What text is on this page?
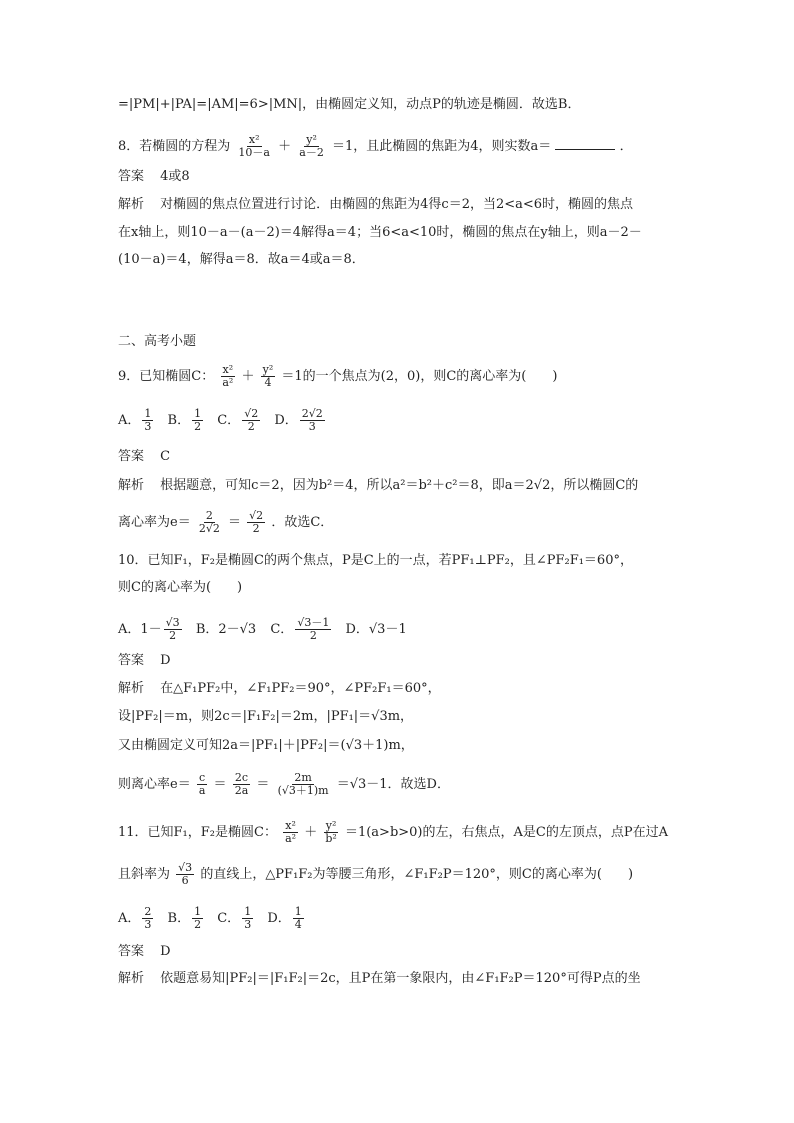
=|PM|+|PA|=|AM|=6>|MN|，由椭圆定义知，动点P的轨迹是椭圆．故选B．
8．若椭圆的方程为 $\frac{\text{x²}}{10-a} + \frac{\text{y²}}{a-2} =1$，且此椭圆的焦距为4，则实数a＝	．
答案 4或8
解析 对椭圆的焦点位置进行讨论．由椭圆的焦距为4得c＝2，当2<a<6时，椭圆的焦点
在x轴上，则10－a－(a－2)＝4解得a＝4；当6<a<10时，椭圆的焦点在y轴上，则a－2－
(10－a)＝4，解得a＝8．故a＝4或a＝8．
二、高考小题
9．已知椭圆C： $\frac{\text{x²}}{\text{a²}} + \frac{\text{y²}}{4} =1$的一个焦点为(2，0)，则C的离心率为(　　)
A． $\frac{1}{3}$ B． $\frac{1}{2}$ C． $\frac{√2}{2}$ D． $\frac{2√2}{3}$
答案 C
解析 根据题意，可知c＝2，因为b²＝4，所以a²＝b²＋c²＝8，即a＝2√2，所以椭圆C的
离心率为$e= \frac{2}{2√2} = \frac{√2}{2}$ ．故选C．
10．已知F₁，F₂是椭圆C的两个焦点，P是C上的一点，若PF₁⊥PF₂，且∠PF₂F₁＝60°，
则C的离心率为(　　)
A．$1- \frac{√3}{2}$ B．2－√3 C． $\frac{√3-1}{2}$ D．√3－1
答案 D
解析 在△F₁PF₂中，∠F₁PF₂＝90°，∠PF₂F₁＝60°，
设|PF₂|＝m，则2c＝|F₁F₂|＝2m，|PF₁|＝√3m，
又由椭圆定义可知2a＝|PF₁|＋|PF₂|＝(√3＋1)m，
则离心率$e= \frac{c}{a} = \frac{2c}{2a} = \frac{2m}{(√3+1)m} =√3-1$．故选D．
11．已知F₁，F₂是椭圆C： $\frac{\text{x²}}{\text{a²}} + \frac{\text{y²}}{\text{b²}} =1(a>b>0)$的左，右焦点，A是C的左顶点，点P在过A
且斜率为 $\frac{√3}{6}$ 的直线上，△PF₁F₂为等腰三角形，∠F₁F₂P＝120°，则C的离心率为(　　)
A． $\frac{2}{3}$ B． $\frac{1}{2}$ C． $\frac{1}{3}$ D． $\frac{1}{4}$
答案 D
解析 依题意易知|PF₂|＝|F₁F₂|＝2c，且P在第一象限内，由∠F₁F₂P＝120°可得P点的坐
